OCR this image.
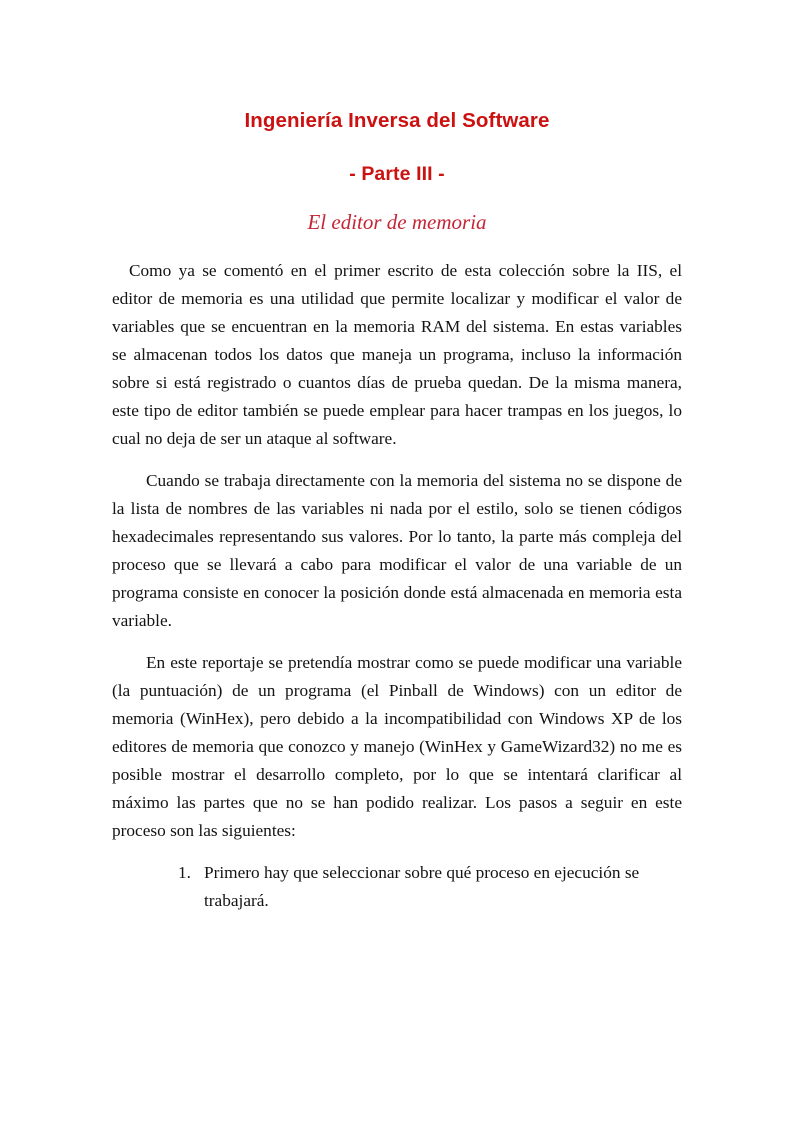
Ingeniería Inversa del Software
- Parte III -
El editor de memoria

Como ya se comentó en el primer escrito de esta colección sobre la IIS, el editor de memoria es una utilidad que permite localizar y modificar el valor de variables que se encuentran en la memoria RAM del sistema. En estas variables se almacenan todos los datos que maneja un programa, incluso la información sobre si está registrado o cuantos días de prueba quedan. De la misma manera, este tipo de editor también se puede emplear para hacer trampas en los juegos, lo cual no deja de ser un ataque al software.

Cuando se trabaja directamente con la memoria del sistema no se dispone de la lista de nombres de las variables ni nada por el estilo, solo se tienen códigos hexadecimales representando sus valores. Por lo tanto, la parte más compleja del proceso que se llevará a cabo para modificar el valor de una variable de un programa consiste en conocer la posición donde está almacenada en memoria esta variable.

En este reportaje se pretendía mostrar como se puede modificar una variable (la puntuación) de un programa (el Pinball de Windows) con un editor de memoria (WinHex), pero debido a la incompatibilidad con Windows XP de los editores de memoria que conozco y manejo (WinHex y GameWizard32) no me es posible mostrar el desarrollo completo, por lo que se intentará clarificar al máximo las partes que no se han podido realizar. Los pasos a seguir en este proceso son las siguientes:

1. Primero hay que seleccionar sobre qué proceso en ejecución se trabajará.
